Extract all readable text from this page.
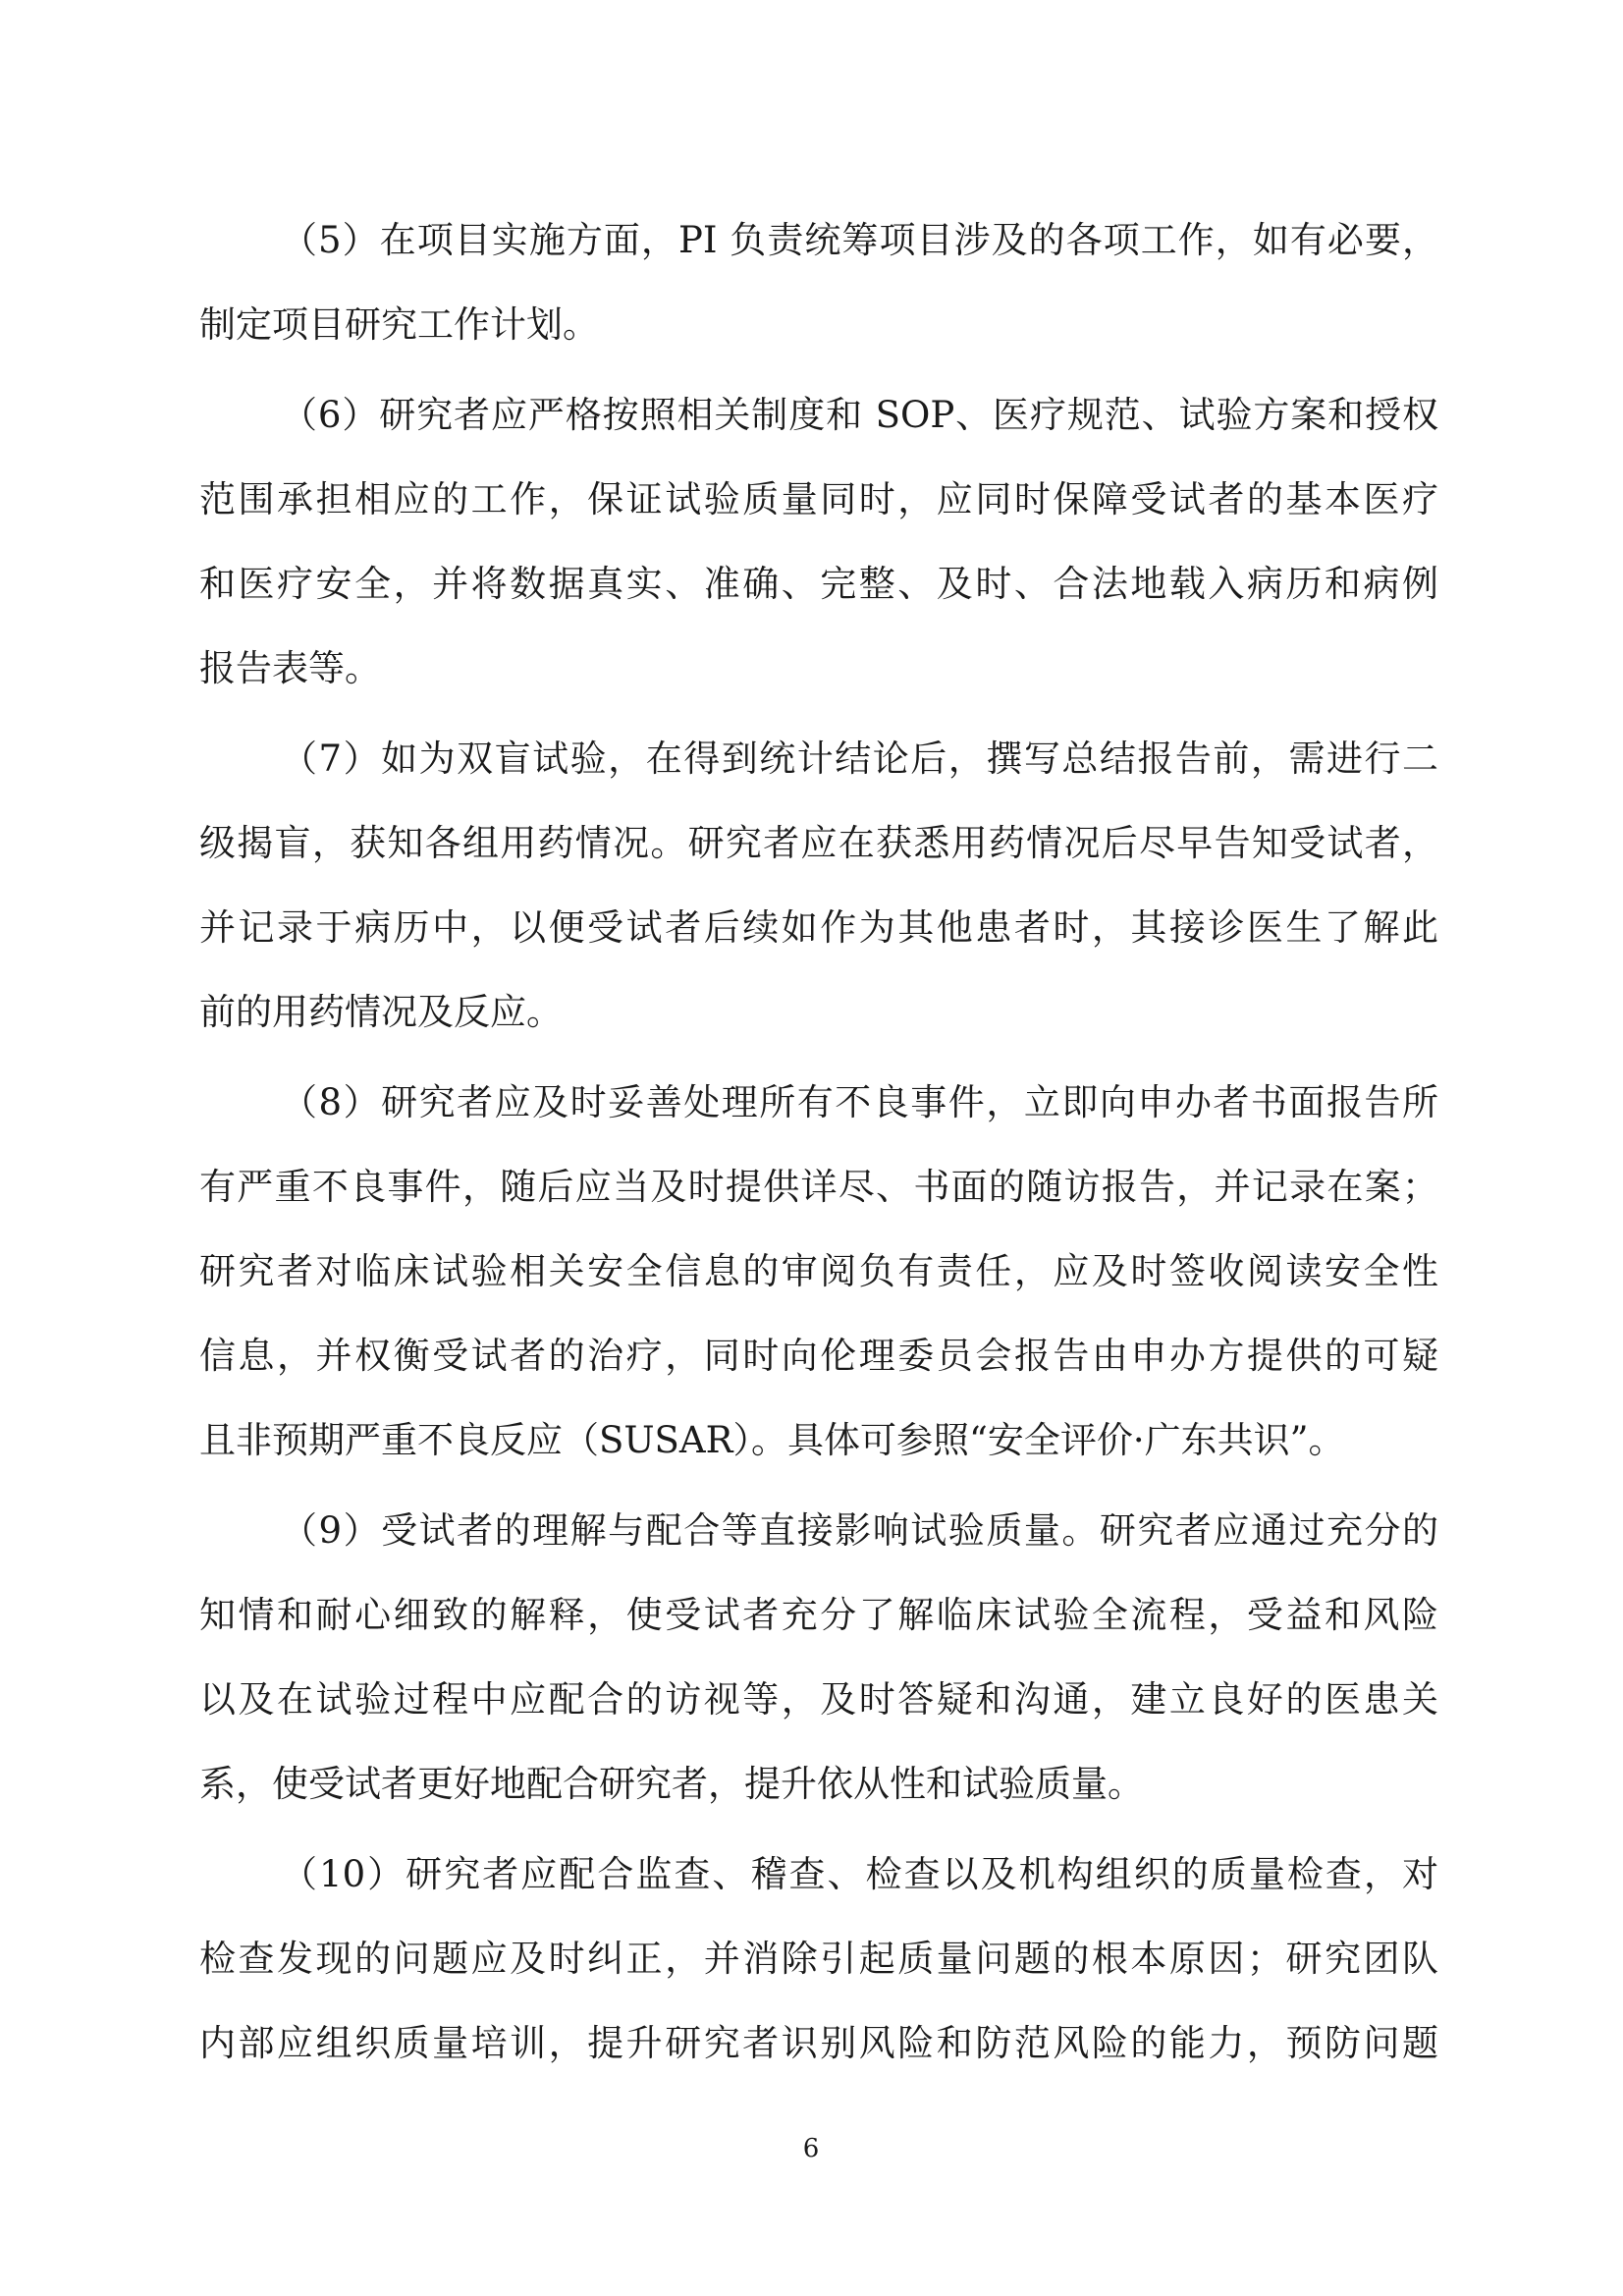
（5）在项目实施方面，PI 负责统筹项目涉及的各项工作，如有必要，
制定项目研究工作计划。
（6）研究者应严格按照相关制度和 SOP、医疗规范、试验方案和授权
范围承担相应的工作，保证试验质量同时，应同时保障受试者的基本医疗
和医疗安全，并将数据真实、准确、完整、及时、合法地载入病历和病例
报告表等。
（7）如为双盲试验，在得到统计结论后，撰写总结报告前，需进行二
级揭盲，获知各组用药情况。研究者应在获悉用药情况后尽早告知受试者，
并记录于病历中，以便受试者后续如作为其他患者时，其接诊医生了解此
前的用药情况及反应。
（8）研究者应及时妥善处理所有不良事件，立即向申办者书面报告所
有严重不良事件，随后应当及时提供详尽、书面的随访报告，并记录在案；
研究者对临床试验相关安全信息的审阅负有责任，应及时签收阅读安全性
信息，并权衡受试者的治疗，同时向伦理委员会报告由申办方提供的可疑
且非预期严重不良反应（SUSAR）。具体可参照“安全评价·广东共识”。
（9）受试者的理解与配合等直接影响试验质量。研究者应通过充分的
知情和耐心细致的解释，使受试者充分了解临床试验全流程，受益和风险
以及在试验过程中应配合的访视等，及时答疑和沟通，建立良好的医患关
系，使受试者更好地配合研究者，提升依从性和试验质量。
（10）研究者应配合监查、稽查、检查以及机构组织的质量检查，对
检查发现的问题应及时纠正，并消除引起质量问题的根本原因；研究团队
内部应组织质量培训，提升研究者识别风险和防范风险的能力，预防问题
6
